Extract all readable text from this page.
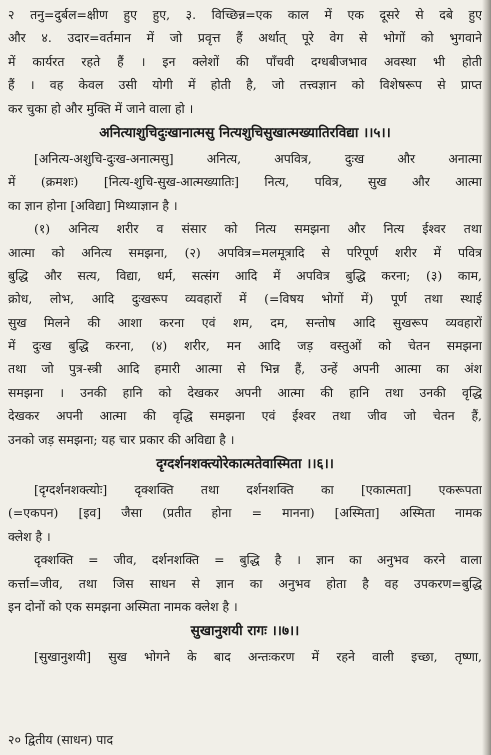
२ तनु=दुर्बल=क्षीण हुए हुए, ३. विच्छिन्न=एक काल में एक दूसरे से दबे हुए
और ४. उदार=वर्तमान में जो प्रवृत्त हैं अर्थात् पूरे वेग से भोगों को भुगवाने
में कार्यरत रहते हैं । इन क्लेशों की पाँचवी दग्धबीजभाव अवस्था भी होती
हैं । वह केवल उसी योगी में होती है, जो तत्त्वज्ञान को विशेषरूप से प्राप्त
कर चुका हो और मुक्ति में जाने वाला हो ।
अनित्याशुचिदुःखानात्मसु नित्यशुचिसुखात्मख्यातिरविद्या ।।५।।
[अनित्य-अशुचि-दुःख-अनात्मसु] अनित्य, अपवित्र, दुःख और अनात्मा
में (क्रमशः) [नित्य-शुचि-सुख-आत्मख्यातिः] नित्य, पवित्र, सुख और आत्मा
का ज्ञान होना [अविद्या] मिथ्याज्ञान है ।
(१) अनित्य शरीर व संसार को नित्य समझना और नित्य ईश्वर तथा
आत्मा को अनित्य समझना, (२) अपवित्र=मलमूत्रादि से परिपूर्ण शरीर में पवित्र
बुद्धि और सत्य, विद्या, धर्म, सत्संग आदि में अपवित्र बुद्धि करना; (३) काम,
क्रोध, लोभ, आदि दुःखरूप व्यवहारों में (=विषय भोगों में) पूर्ण तथा स्थाई
सुख मिलने की आशा करना एवं शम, दम, सन्तोष आदि सुखरूप व्यवहारों
में दुःख बुद्धि करना, (४) शरीर, मन आदि जड़ वस्तुओं को चेतन समझना
तथा जो पुत्र-स्त्री आदि हमारी आत्मा से भिन्न हैं, उन्हें अपनी आत्मा का अंश
समझना । उनकी हानि को देखकर अपनी आत्मा की हानि तथा उनकी वृद्धि
देखकर अपनी आत्मा की वृद्धि समझना एवं ईश्वर तथा जीव जो चेतन हैं,
उनको जड़ समझना; यह चार प्रकार की अविद्या है ।
दृग्दर्शनशक्त्योरेकात्मतेवास्मिता ।।६।।
[दृग्दर्शनशक्त्योः] दृक्शक्ति तथा दर्शनशक्ति का [एकात्मता] एकरूपता
(=एकपन) [इव] जैसा (प्रतीत होना = मानना) [अस्मिता] अस्मिता नामक
क्लेश है ।
दृक्शक्ति = जीव, दर्शनशक्ति = बुद्धि है । ज्ञान का अनुभव करने वाला
कर्त्ता=जीव, तथा जिस साधन से ज्ञान का अनुभव होता है वह उपकरण=बुद्धि
इन दोनों को एक समझना अस्मिता नामक क्लेश है ।
सुखानुशयी रागः ।।७।।
[सुखानुशयी] सुख भोगने के बाद अन्तःकरण में रहने वाली इच्छा, तृष्णा,
२० द्वितीय (साधन) पाद
